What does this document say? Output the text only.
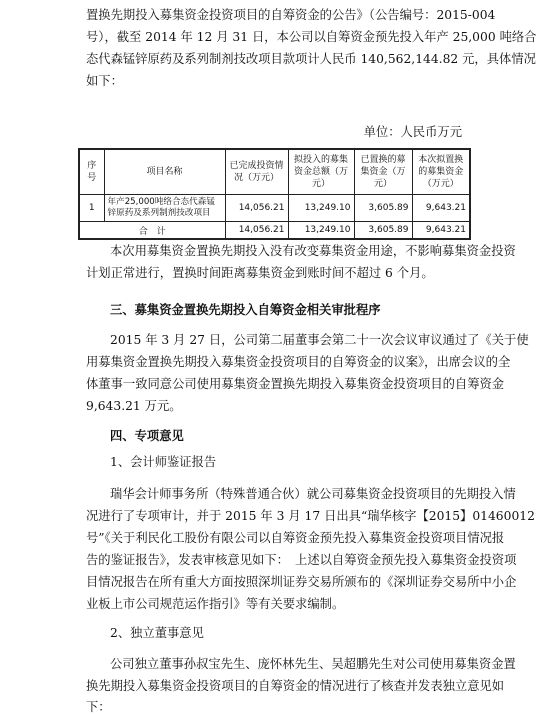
置换先期投入募集资金投资项目的自筹资金的公告》（公告编号：2015-004
号），截至 2014 年 12 月 31 日，本公司以自筹资金预先投入年产 25,000 吨络合
态代森锰锌原药及系列制剂技改项目款项计人民币 140,562,144.82 元，具体情况
如下：
单位：人民币万元
序号	项目名称	已完成投资情况（万元）	拟投入的募集资金总额（万元）	已置换的募集资金（万元）	本次拟置换的募集资金（万元）
1	年产25,000吨络合态代森锰锌原药及系列制剂技改项目	14,056.21	13,249.10	3,605.89	9,643.21
合　计		14,056.21	13,249.10	3,605.89	9,643.21
本次用募集资金置换先期投入没有改变募集资金用途，不影响募集资金投资
计划正常进行，置换时间距离募集资金到账时间不超过 6 个月。
三、募集资金置换先期投入自筹资金相关审批程序
2015 年 3 月 27 日，公司第二届董事会第二十一次会议审议通过了《关于使
用募集资金置换先期投入募集资金投资项目的自筹资金的议案》，出席会议的全
体董事一致同意公司使用募集资金置换先期投入募集资金投资项目的自筹资金
9,643.21 万元。
四、专项意见
1、会计师鉴证报告
瑞华会计师事务所（特殊普通合伙）就公司募集资金投资项目的先期投入情
况进行了专项审计，并于 2015 年 3 月 17 日出具“瑞华核字【2015】01460012
号”《关于利民化工股份有限公司以自筹资金预先投入募集资金投资项目情况报
告的鉴证报告》，发表审核意见如下：　上述以自筹资金预先投入募集资金投资项
目情况报告在所有重大方面按照深圳证券交易所颁布的《深圳证券交易所中小企
业板上市公司规范运作指引》等有关要求编制。
2、独立董事意见
公司独立董事孙叔宝先生、庞怀林先生、吴超鹏先生对公司使用募集资金置
换先期投入募集资金投资项目的自筹资金的情况进行了核查并发表独立意见如
下：
